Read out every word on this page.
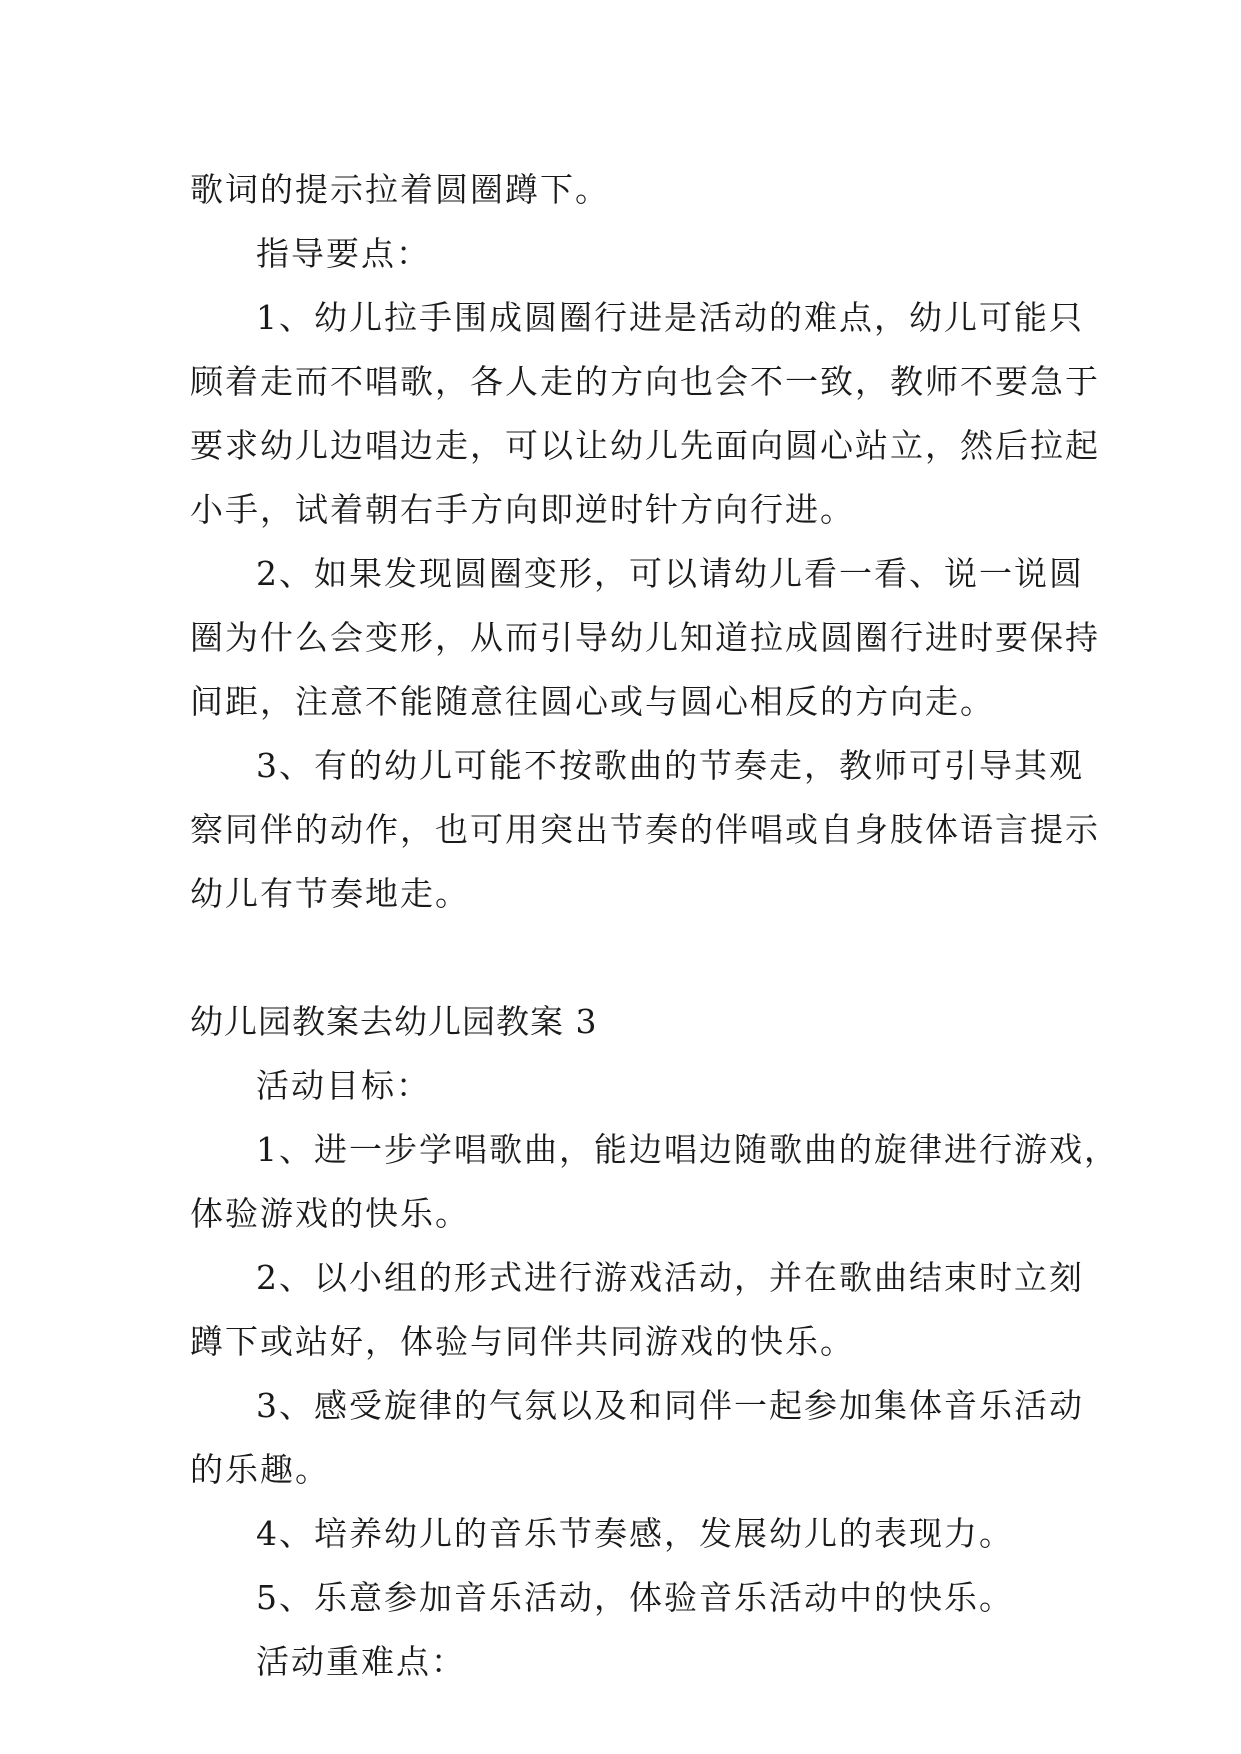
歌词的提示拉着圆圈蹲下。
指导要点：
1、幼儿拉手围成圆圈行进是活动的难点，幼儿可能只
顾着走而不唱歌，各人走的方向也会不一致，教师不要急于
要求幼儿边唱边走，可以让幼儿先面向圆心站立，然后拉起
小手，试着朝右手方向即逆时针方向行进。
2、如果发现圆圈变形，可以请幼儿看一看、说一说圆
圈为什么会变形，从而引导幼儿知道拉成圆圈行进时要保持
间距，注意不能随意往圆心或与圆心相反的方向走。
3、有的幼儿可能不按歌曲的节奏走，教师可引导其观
察同伴的动作，也可用突出节奏的伴唱或自身肢体语言提示
幼儿有节奏地走。
幼儿园教案去幼儿园教案 3
活动目标：
1、进一步学唱歌曲，能边唱边随歌曲的旋律进行游戏，
体验游戏的快乐。
2、以小组的形式进行游戏活动，并在歌曲结束时立刻
蹲下或站好，体验与同伴共同游戏的快乐。
3、感受旋律的气氛以及和同伴一起参加集体音乐活动
的乐趣。
4、培养幼儿的音乐节奏感，发展幼儿的表现力。
5、乐意参加音乐活动，体验音乐活动中的快乐。
活动重难点：
